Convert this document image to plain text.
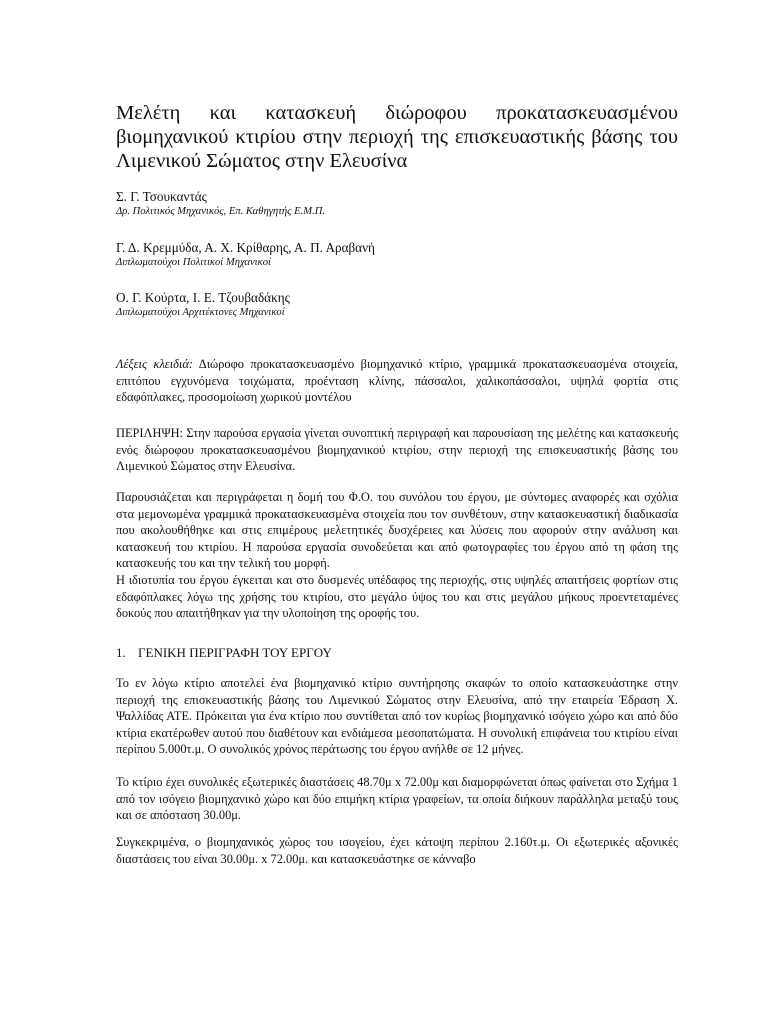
Μελέτη και κατασκευή διώροφου προκατασκευασμένου βιομηχανικού κτιρίου στην περιοχή της επισκευαστικής βάσης του Λιμενικού Σώματος στην Ελευσίνα

Σ. Γ. Τσουκαντάς

Δρ. Πολιτικός Μηχανικός, Επ. Καθηγητής Ε.Μ.Π.

Γ. Δ. Κρεμμύδα, Α. Χ. Κρίθαρης, Α. Π. Αραβανή

Διπλωματούχοι Πολιτικοί Μηχανικοί

Ο. Γ. Κούρτα, Ι. Ε. Τζουβαδάκης

Διπλωματούχοι Αρχιτέκτονες Μηχανικοί

Λέξεις κλειδιά: Διώροφο προκατασκευασμένο βιομηχανικό κτίριο, γραμμικά προκατασκευασμένα στοιχεία, επιτόπου εγχυνόμενα τοιχώματα, προένταση κλίνης, πάσσαλοι, χαλικοπάσσαλοι, υψηλά φορτία στις εδαφόπλακες, προσομοίωση χωρικού μοντέλου

ΠΕΡΙΛΗΨΗ: Στην παρούσα εργασία γίνεται συνοπτική περιγραφή και παρουσίαση της μελέτης και κατασκευής ενός διώροφου προκατασκευασμένου βιομηχανικού κτιρίου, στην περιοχή της επισκευαστικής βάσης του Λιμενικού Σώματος στην Ελευσίνα.

Παρουσιάζεται και περιγράφεται η δομή του Φ.Ο. του συνόλου του έργου, με σύντομες αναφορές και σχόλια στα μεμονωμένα γραμμικά προκατασκευασμένα στοιχεία που τον συνθέτουν, στην κατασκευαστική διαδικασία που ακολουθήθηκε και στις επιμέρους μελετητικές δυσχέρειες και λύσεις που αφορούν στην ανάλυση και κατασκευή του κτιρίου. Η παρούσα εργασία συνοδεύεται και από φωτογραφίες του έργου από τη φάση της κατασκευής του και την τελική του μορφή.

Η ιδιοτυπία του έργου έγκειται και στο δυσμενές υπέδαφος της περιοχής, στις υψηλές απαιτήσεις φορτίων στις εδαφόπλακες λόγω της χρήσης του κτιρίου, στο μεγάλο ύψος του και στις μεγάλου μήκους προεντεταμένες δοκούς που απαιτήθηκαν για την υλοποίηση της οροφής του.

1. ΓΕΝΙΚΗ ΠΕΡΙΓΡΑΦΗ ΤΟΥ ΕΡΓΟΥ

Το εν λόγω κτίριο αποτελεί ένα βιομηχανικό κτίριο συντήρησης σκαφών το οποίο κατασκευάστηκε στην περιοχή της επισκευαστικής βάσης του Λιμενικού Σώματος στην Ελευσίνα, από την εταιρεία Έδραση Χ. Ψαλλίδας ΑΤΕ. Πρόκειται για ένα κτίριο που συντίθεται από τον κυρίως βιομηχανικό ισόγειο χώρο και από δύο κτίρια εκατέρωθεν αυτού που διαθέτουν και ενδιάμεσα μεσοπατώματα. Η συνολική επιφάνεια του κτιρίου είναι περίπου 5.000τ.μ. Ο συνολικός χρόνος περάτωσης του έργου ανήλθε σε 12 μήνες.

Το κτίριο έχει συνολικές εξωτερικές διαστάσεις 48.70μ x 72.00μ και διαμορφώνεται όπως φαίνεται στο Σχήμα 1 από τον ισόγειο βιομηχανικό χώρο και δύο επιμήκη κτίρια γραφείων, τα οποία διήκουν παράλληλα μεταξύ τους και σε απόσταση 30.00μ.

Συγκεκριμένα, ο βιομηχανικός χώρος του ισογείου, έχει κάτοψη περίπου 2.160τ.μ. Οι εξωτερικές αξονικές διαστάσεις του είναι 30.00μ. x 72.00μ. και κατασκευάστηκε σε κάνναβο
